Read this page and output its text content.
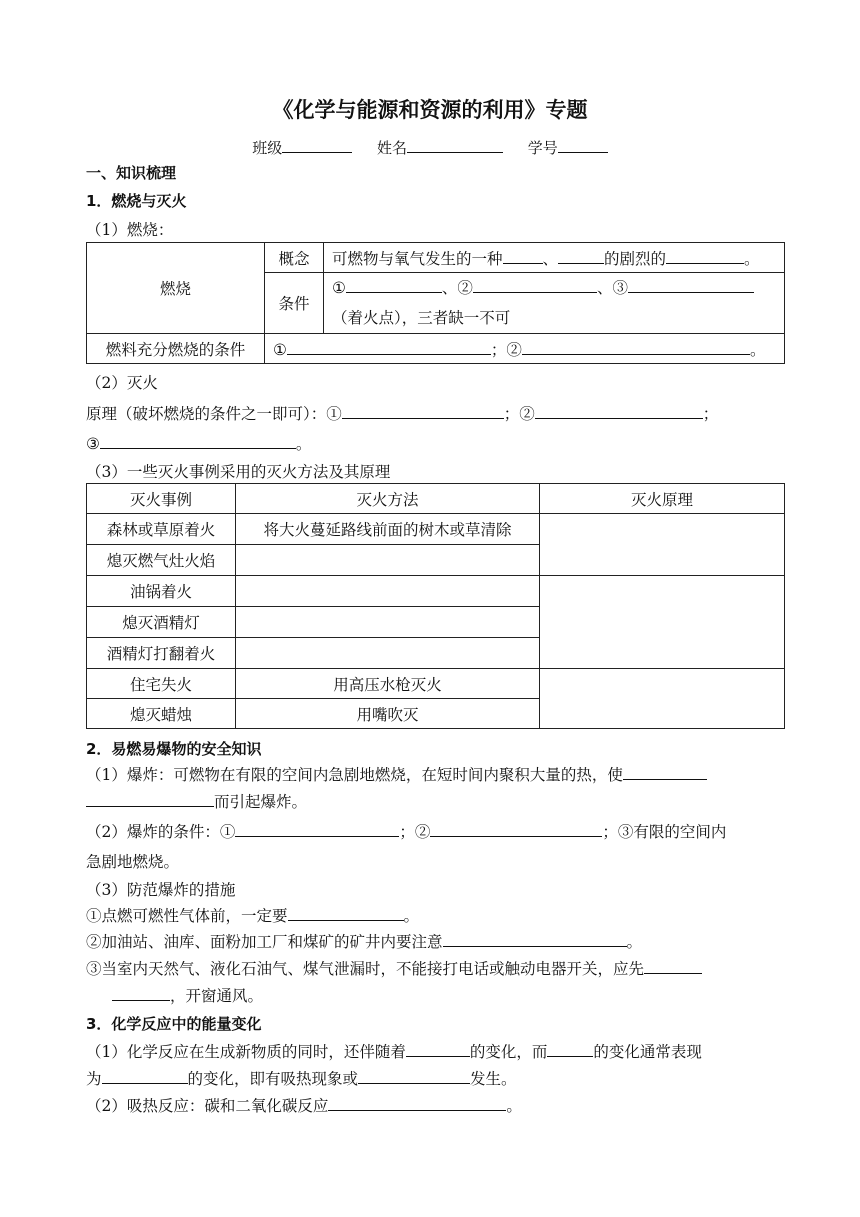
《化学与能源和资源的利用》专题
班级	姓名	学号
一、知识梳理
1．燃烧与灭火
（1）燃烧：
燃烧	概念	可燃物与氧气发生的一种 、 的剧烈的 。
	条件	① 、② 、③
（着火点），三者缺一不可
燃料充分燃烧的条件	① ；② 。	
（2）灭火
原理（破坏燃烧的条件之一即可）：①	；②	；
③	。
（3）一些灭火事例采用的灭火方法及其原理
灭火事例	灭火方法	灭火原理
森林或草原着火	将大火蔓延路线前面的树木或草清除	
熄灭燃气灶火焰		
油锅着火		
熄灭酒精灯		
酒精灯打翻着火		
住宅失火	用高压水枪灭火	
熄灭蜡烛	用嘴吹灭	
2．易燃易爆物的安全知识
（1）爆炸：可燃物在有限的空间内急剧地燃烧，在短时间内聚积大量的热，使
而引起爆炸。
（2）爆炸的条件：①	；②	；③有限的空间内
急剧地燃烧。
（3）防范爆炸的措施
①点燃可燃性气体前，一定要	。
②加油站、油库、面粉加工厂和煤矿的矿井内要注意	。
③当室内天然气、液化石油气、煤气泄漏时，不能接打电话或触动电器开关，应先
，开窗通风。
3．化学反应中的能量变化
（1）化学反应在生成新物质的同时，还伴随着	的变化，而	的变化通常表现
为	的变化，即有吸热现象或	发生。
（2）吸热反应：碳和二氧化碳反应	。
